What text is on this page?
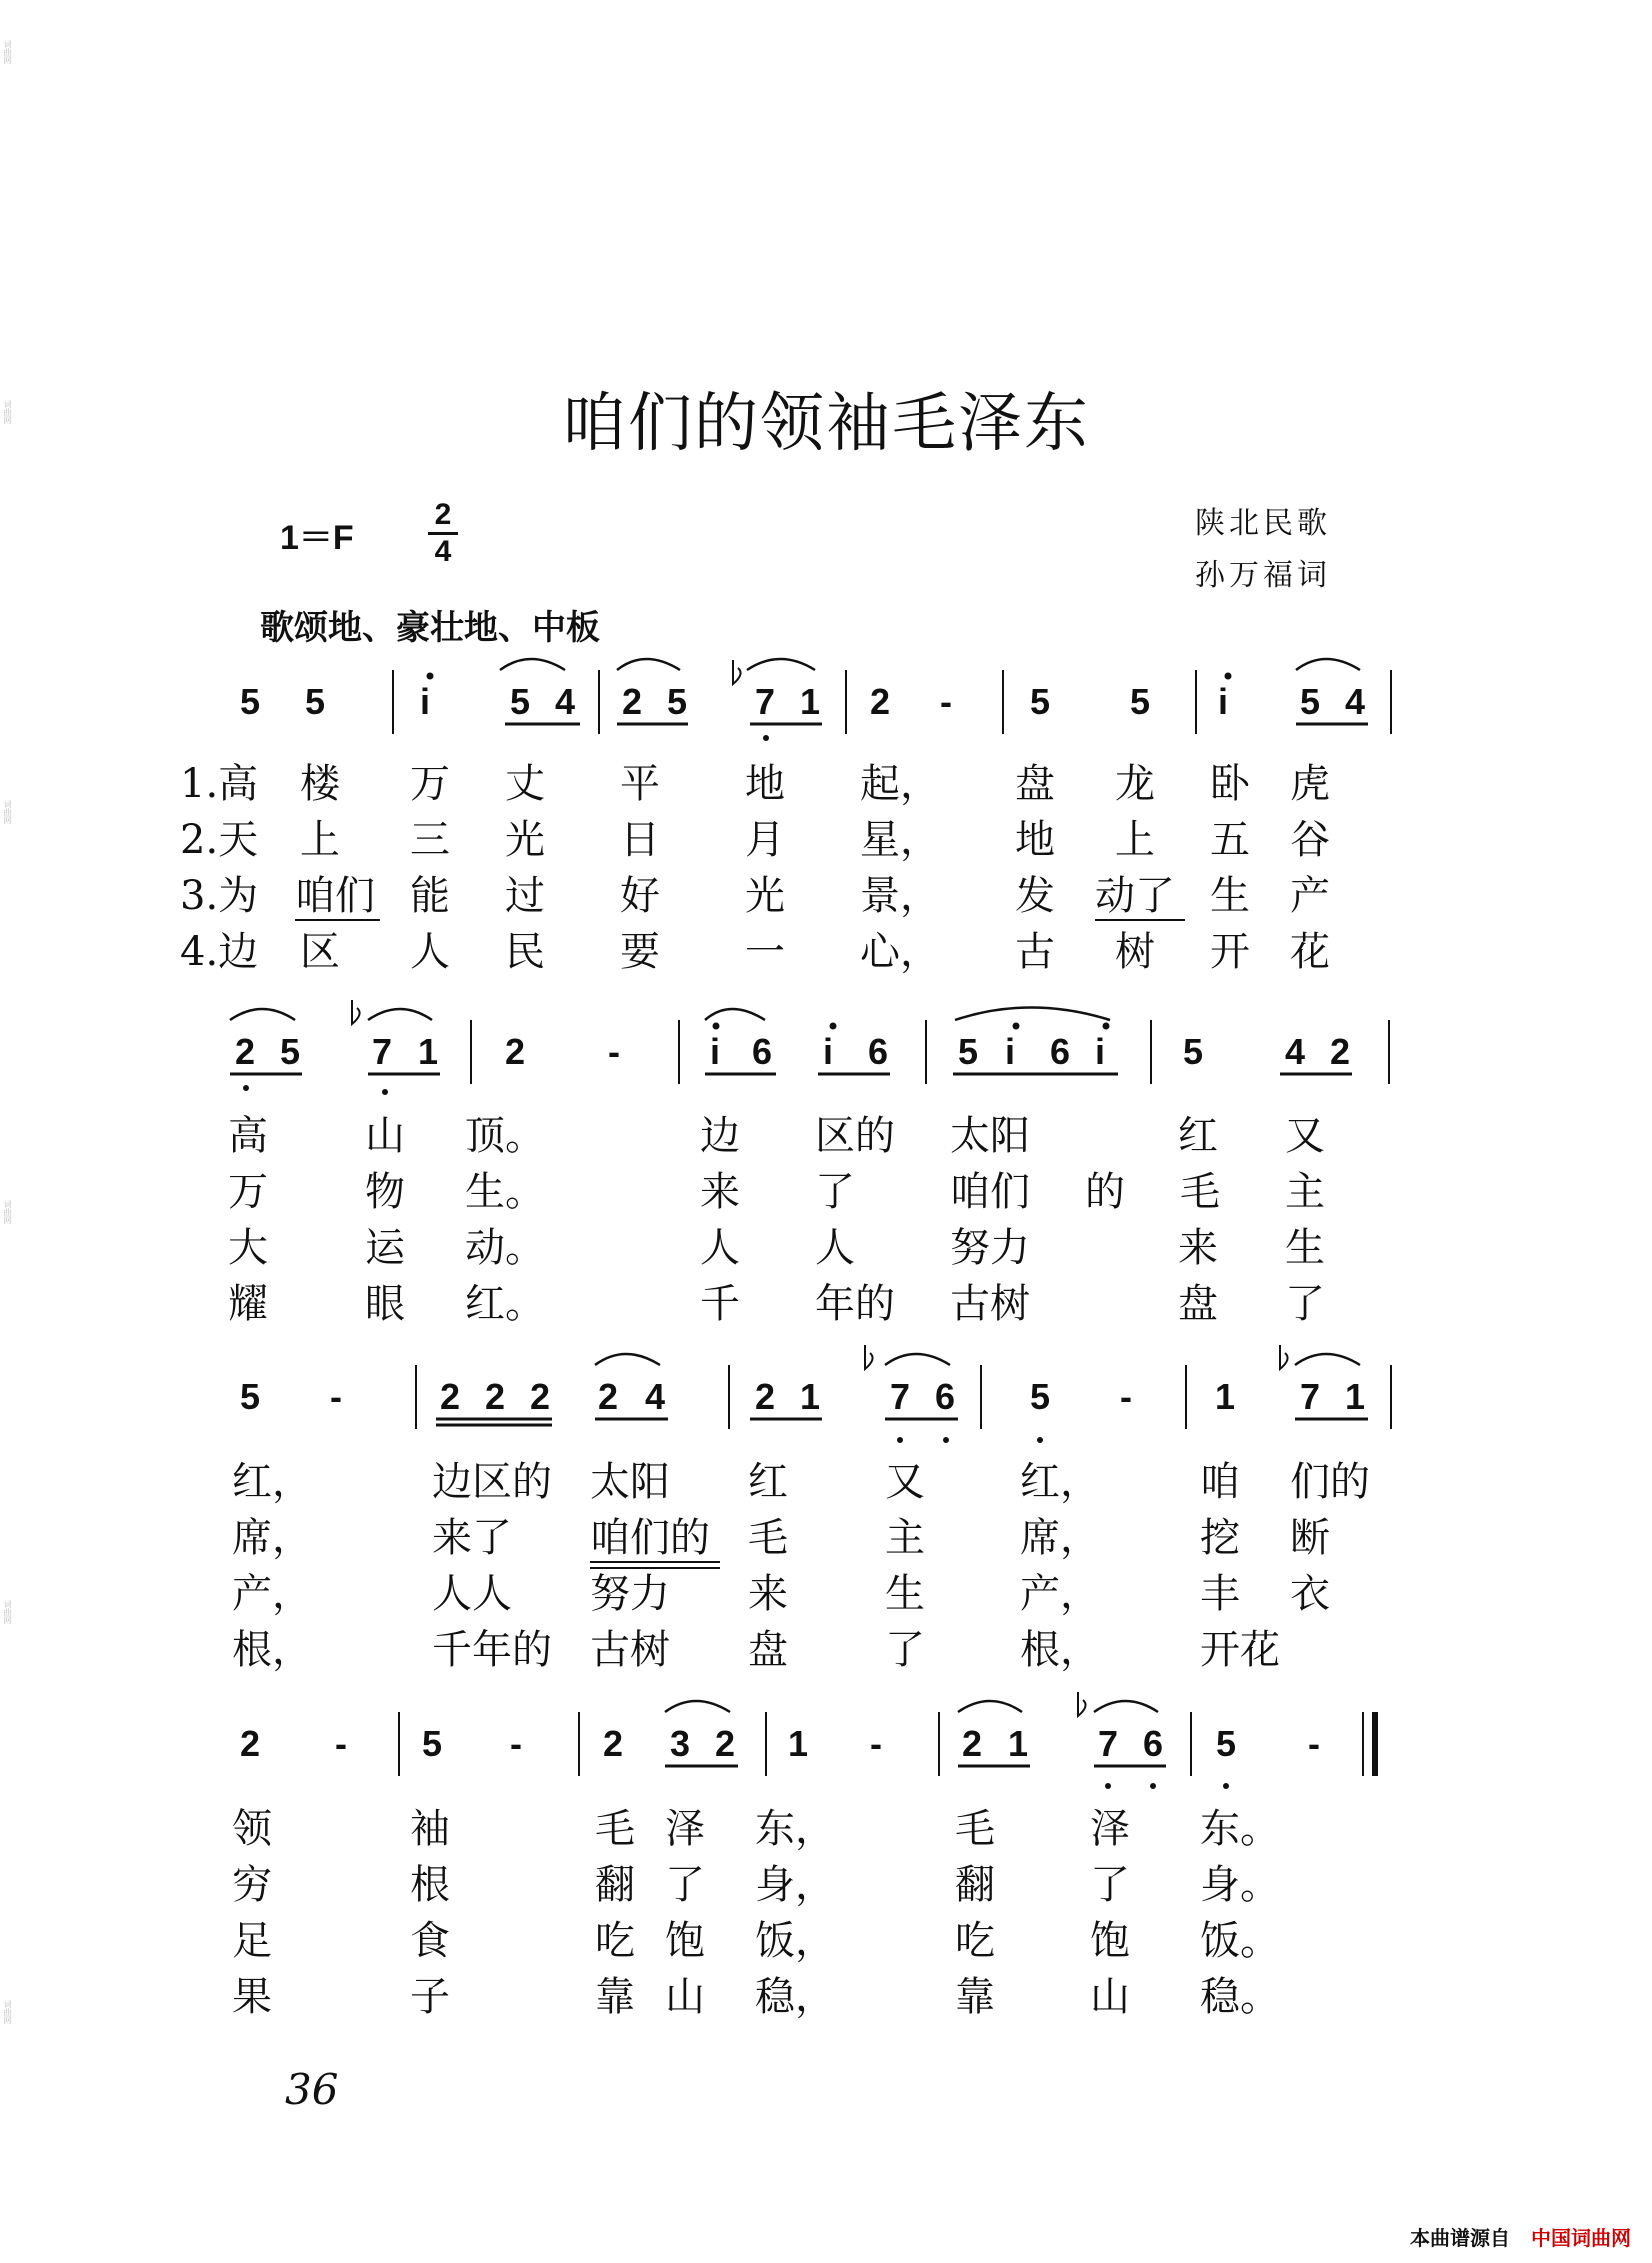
词曲网
词曲网
词曲网
词曲网
词曲网
词曲网
咱们的领袖毛泽东
1＝F
2
4
陕北民歌
孙万福词
歌颂地、豪壮地、中板
5 5	i 5 4 2 5 7 1 2 - 5 5 i 5 4
1.高 楼 万 丈 平 地 起， 盘 龙 卧 虎
2.天 上 三 光 日 月 星， 地 上 五 谷
3.为 咱们 能 过 好 光 景， 发 动了 生 产
4.边 区 人 民 要 一 心， 古 树 开 花
2 5 7 1 2 -	i 6 i 6 5 i 6 i 5 4 2
高 山 顶。	边 区的 太阳	红 又
万 物 生。	来 了 咱们 的 毛 主
大 运 动。	人 人 努力	来 生
耀 眼 红。	千 年的 古树	盘 了
5 -	2 2 2 2 4 2 1 7 6 5 - 1 7 1
红，	边区的 太阳 红 又 红，	咱 们的
席，	来了 咱们的 毛 主 席，	挖 断
产，	人人 努力 来 生 产，	丰 衣
根，	千年的 古树 盘 了 根，	开花
2 - 5 - 2 3 2 1 - 2 1 7 6 5 -
领	袖	毛 泽 东，	毛 泽 东。
穷	根	翻 了 身，	翻 了 身。
足	食	吃 饱 饭，	吃 饱 饭。
果	子	靠 山 稳，	靠 山 稳。
36
本曲谱源自 中国词曲网
